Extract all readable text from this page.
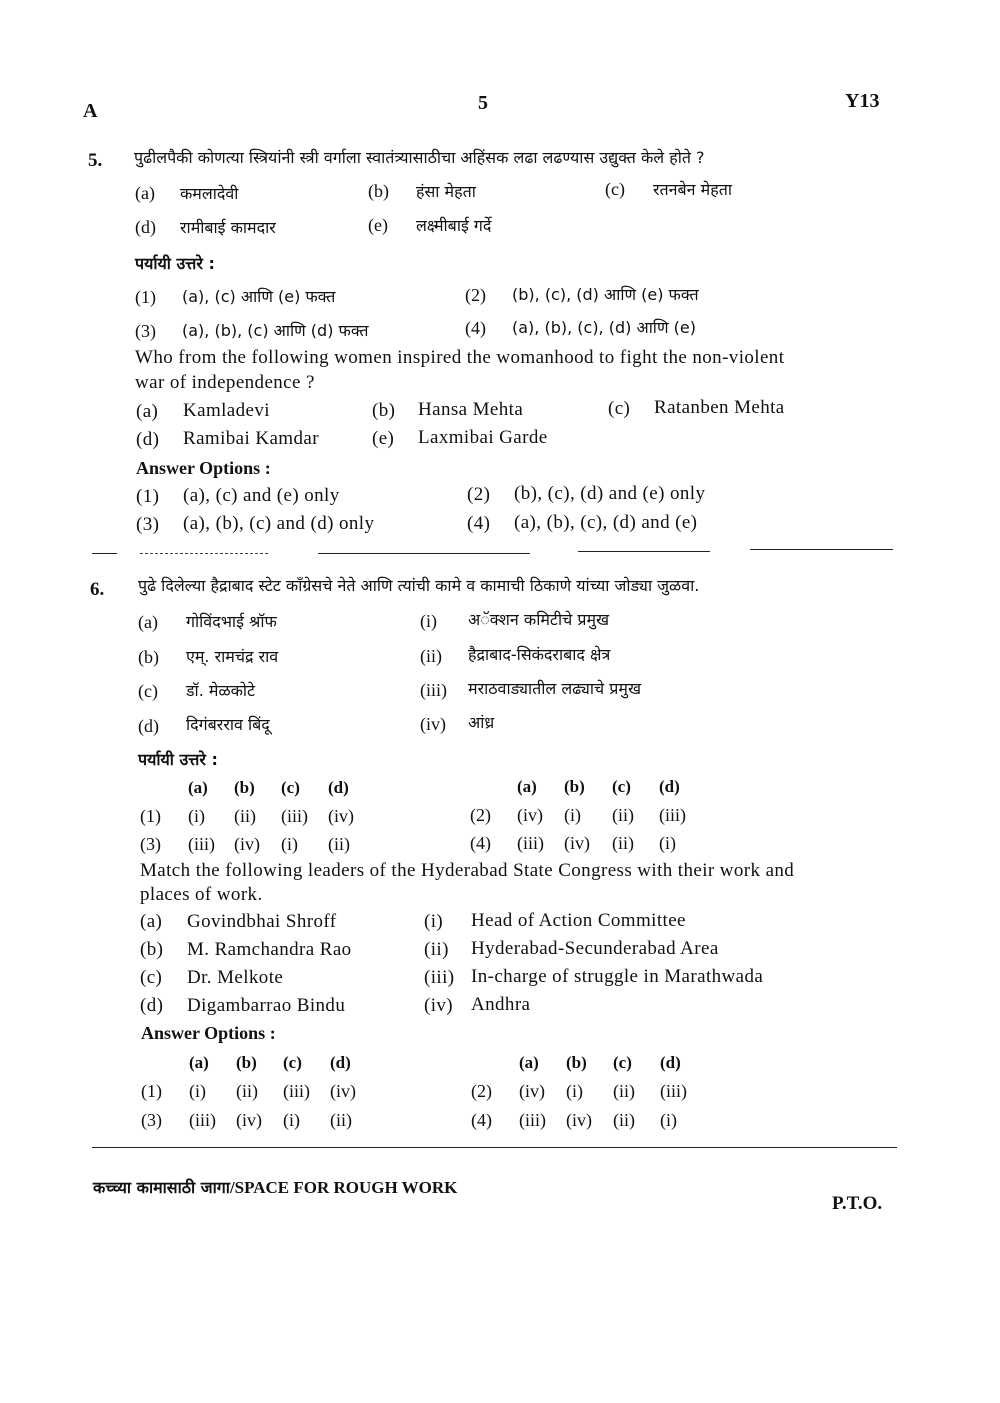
A	5	Y13
5. पुढीलपैकी कोणत्या स्त्रियांनी स्त्री वर्गाला स्वातंत्र्यासाठीचा अहिंसक लढा लढण्यास उद्युक्त केले होते ?
(a) कमलादेवी	(b) हंसा मेहता	(c) रतनबेन मेहता
(d) रामीबाई कामदार	(e) लक्ष्मीबाई गर्दे
पर्यायी उत्तरे :
(1) (a), (c) आणि (e) फक्त	(2) (b), (c), (d) आणि (e) फक्त
(3) (a), (b), (c) आणि (d) फक्त	(4) (a), (b), (c), (d) आणि (e)
Who from the following women inspired the womanhood to fight the non-violent
war of independence ?
(a) Kamladevi	(b) Hansa Mehta	(c) Ratanben Mehta
(d) Ramibai Kamdar	(e) Laxmibai Garde
Answer Options :
(1) (a), (c) and (e) only	(2) (b), (c), (d) and (e) only
(3) (a), (b), (c) and (d) only	(4) (a), (b), (c), (d) and (e)
6. पुढे दिलेल्या हैद्राबाद स्टेट कॉंग्रेसचे नेते आणि त्यांची कामे व कामाची ठिकाणे यांच्या जोड्या जुळवा.
(a) गोविंदभाई श्रॉफ	(i) अॅक्शन कमिटीचे प्रमुख
(b) एम्. रामचंद्र राव	(ii) हैद्राबाद-सिकंदराबाद क्षेत्र
(c) डॉ. मेळकोटे	(iii) मराठवाड्यातील लढ्याचे प्रमुख
(d) दिगंबरराव बिंदू	(iv) आंध्र
पर्यायी उत्तरे :
(a) (b) (c) (d)	(a) (b) (c) (d)
(1) (i) (ii) (iii) (iv)	(2) (iv) (i) (ii) (iii)
(3) (iii) (iv) (i) (ii)	(4) (iii) (iv) (ii) (i)
Match the following leaders of the Hyderabad State Congress with their work and
places of work.
(a) Govindbhai Shroff	(i) Head of Action Committee
(b) M. Ramchandra Rao	(ii) Hyderabad-Secunderabad Area
(c) Dr. Melkote	(iii) In-charge of struggle in Marathwada
(d) Digambarrao Bindu	(iv) Andhra
Answer Options :
(a) (b) (c) (d)	(a) (b) (c) (d)
(1) (i) (ii) (iii) (iv)	(2) (iv) (i) (ii) (iii)
(3) (iii) (iv) (i) (ii)	(4) (iii) (iv) (ii) (i)
कच्च्या कामासाठी जागा/SPACE FOR ROUGH WORK
P.T.O.
